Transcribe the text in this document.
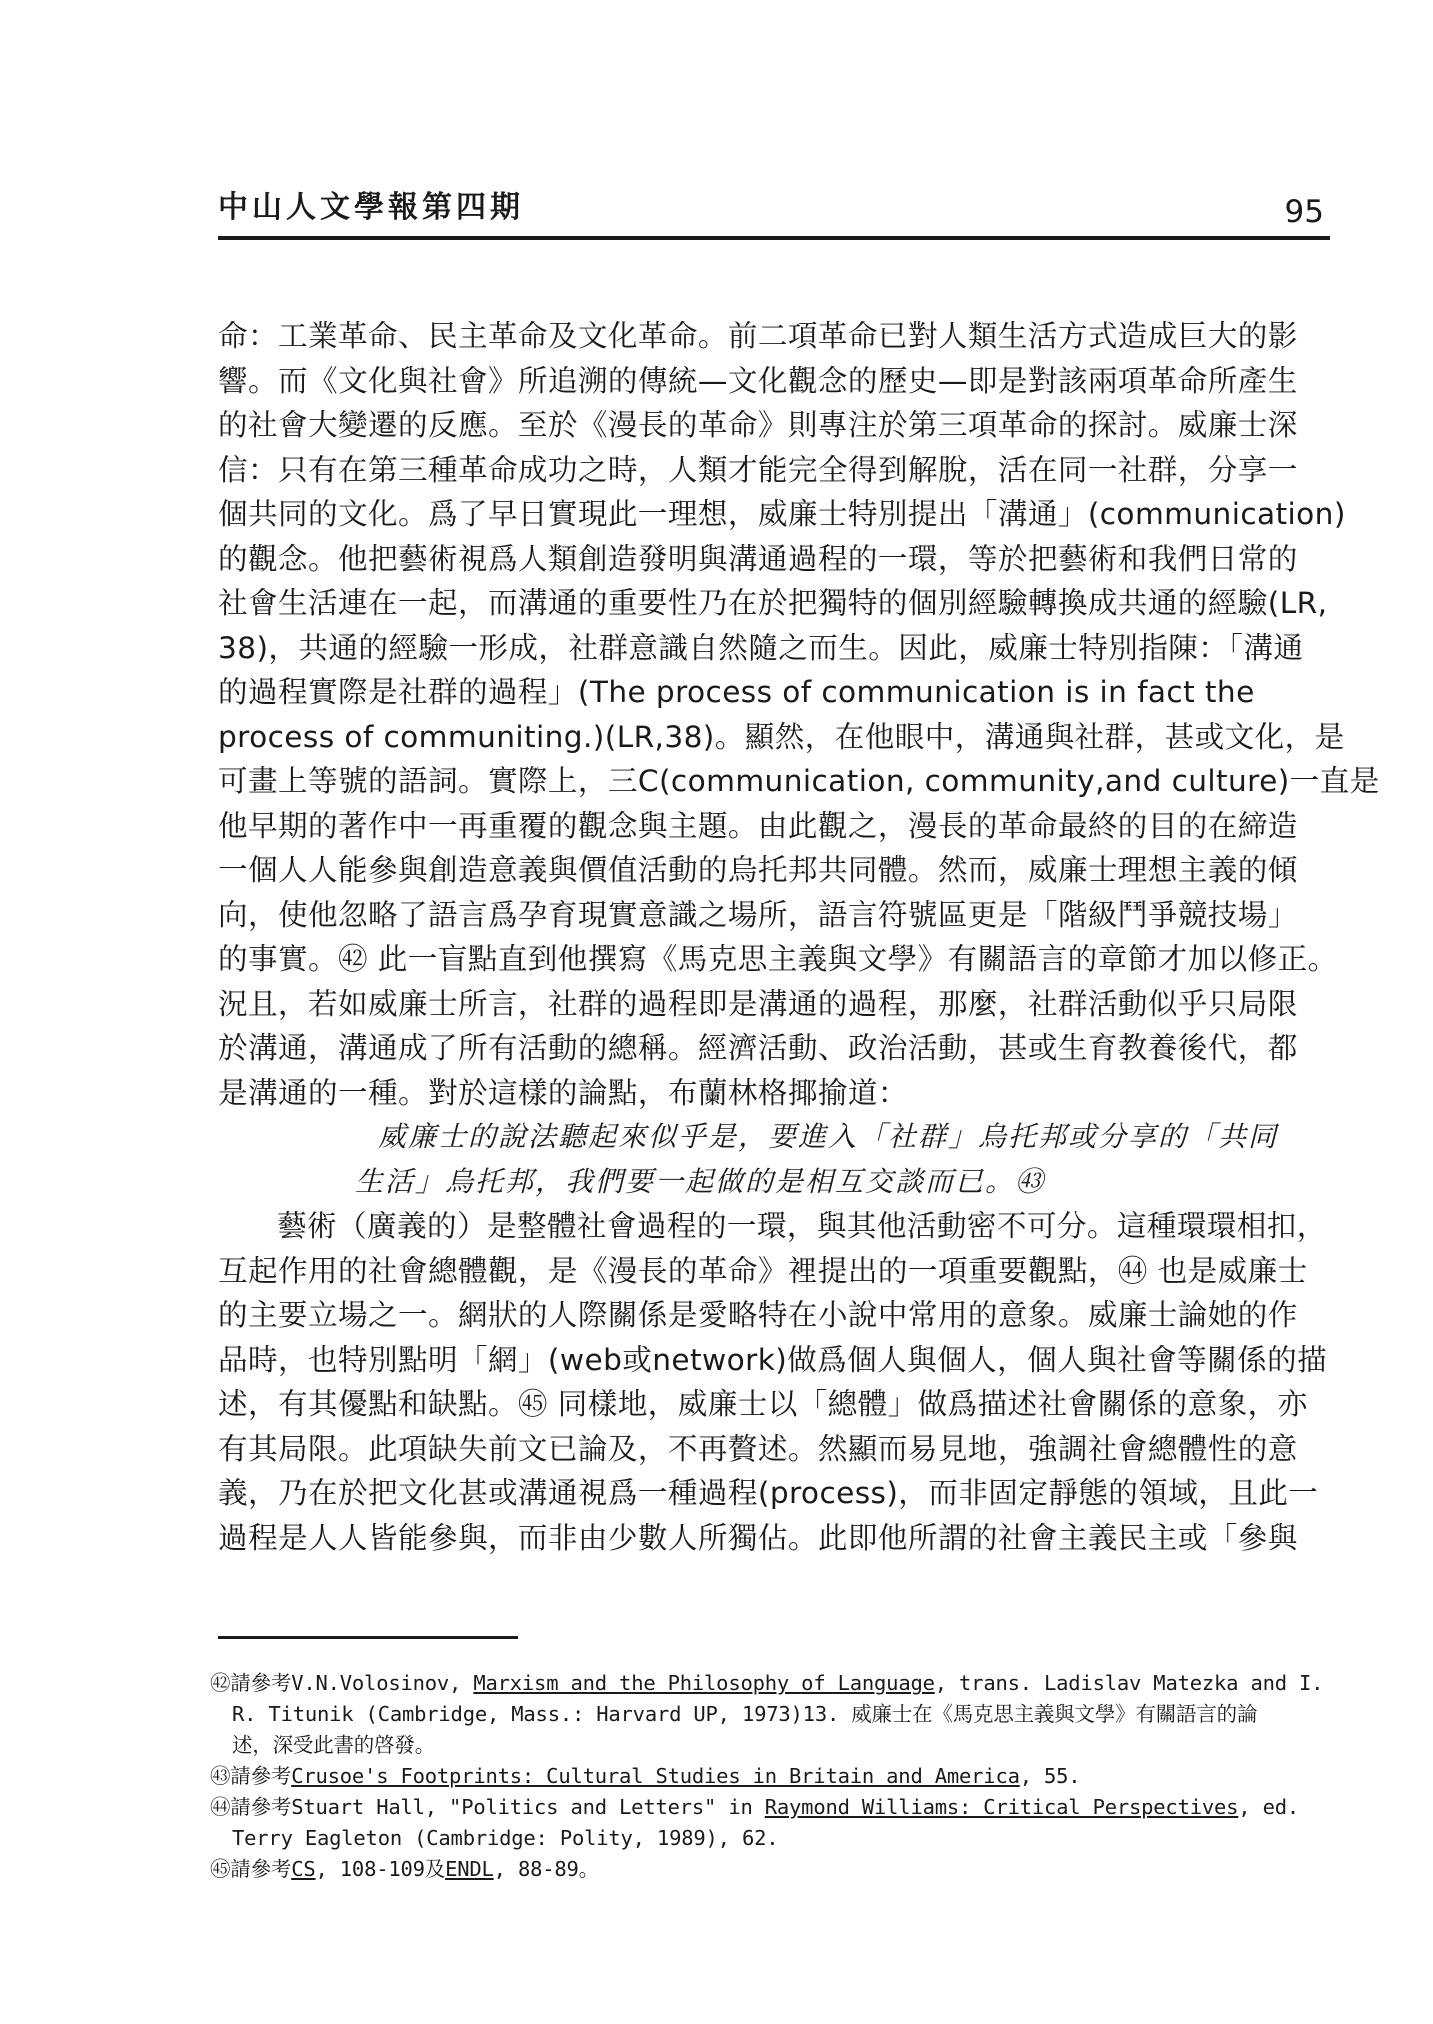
中山人文學報第四期	95
命：工業革命、民主革命及文化革命。前二項革命已對人類生活方式造成巨大的影
響。而《文化與社會》所追溯的傳統—文化觀念的歷史—即是對該兩項革命所產生
的社會大變遷的反應。至於《漫長的革命》則專注於第三項革命的探討。威廉士深
信：只有在第三種革命成功之時，人類才能完全得到解脫，活在同一社群，分享一
個共同的文化。爲了早日實現此一理想，威廉士特別提出「溝通」(communication)
的觀念。他把藝術視爲人類創造發明與溝通過程的一環，等於把藝術和我們日常的
社會生活連在一起，而溝通的重要性乃在於把獨特的個別經驗轉換成共通的經驗(LR,
38)，共通的經驗一形成，社群意識自然隨之而生。因此，威廉士特別指陳：「溝通
的過程實際是社群的過程」(The process of communication is in fact the
process of communiting.)(LR,38)。顯然，在他眼中，溝通與社群，甚或文化，是
可畫上等號的語詞。實際上，三C(communication, community,and culture)一直是
他早期的著作中一再重覆的觀念與主題。由此觀之，漫長的革命最終的目的在締造
一個人人能參與創造意義與價值活動的烏托邦共同體。然而，威廉士理想主義的傾
向，使他忽略了語言爲孕育現實意識之場所，語言符號區更是「階級鬥爭競技場」
的事實。㊷ 此一盲點直到他撰寫《馬克思主義與文學》有關語言的章節才加以修正。
況且，若如威廉士所言，社群的過程即是溝通的過程，那麼，社群活動似乎只局限
於溝通，溝通成了所有活動的總稱。經濟活動、政治活動，甚或生育教養後代，都
是溝通的一種。對於這樣的論點，布蘭林格揶揄道：
威廉士的說法聽起來似乎是，要進入「社群」烏托邦或分享的「共同
生活」烏托邦，我們要一起做的是相互交談而已。㊸
藝術（廣義的）是整體社會過程的一環，與其他活動密不可分。這種環環相扣，
互起作用的社會總體觀，是《漫長的革命》裡提出的一項重要觀點，㊹ 也是威廉士
的主要立場之一。網狀的人際關係是愛略特在小說中常用的意象。威廉士論她的作
品時，也特別點明「網」(web或network)做爲個人與個人，個人與社會等關係的描
述，有其優點和缺點。㊺ 同樣地，威廉士以「總體」做爲描述社會關係的意象，亦
有其局限。此項缺失前文已論及，不再贅述。然顯而易見地，強調社會總體性的意
義，乃在於把文化甚或溝通視爲一種過程(process)，而非固定靜態的領域，且此一
過程是人人皆能參與，而非由少數人所獨佔。此即他所謂的社會主義民主或「參與
㊷請參考V.N.Volosinov, Marxism and the Philosophy of Language, trans. Ladislav Matezka and I.
R. Titunik (Cambridge, Mass.: Harvard UP, 1973)13. 威廉士在《馬克思主義與文學》有關語言的論
述，深受此書的啓發。
㊸請參考Crusoe's Footprints: Cultural Studies in Britain and America, 55.
㊹請參考Stuart Hall, "Politics and Letters" in Raymond Williams: Critical Perspectives, ed.
Terry Eagleton (Cambridge: Polity, 1989), 62.
㊺請參考CS, 108-109及ENDL, 88-89。
